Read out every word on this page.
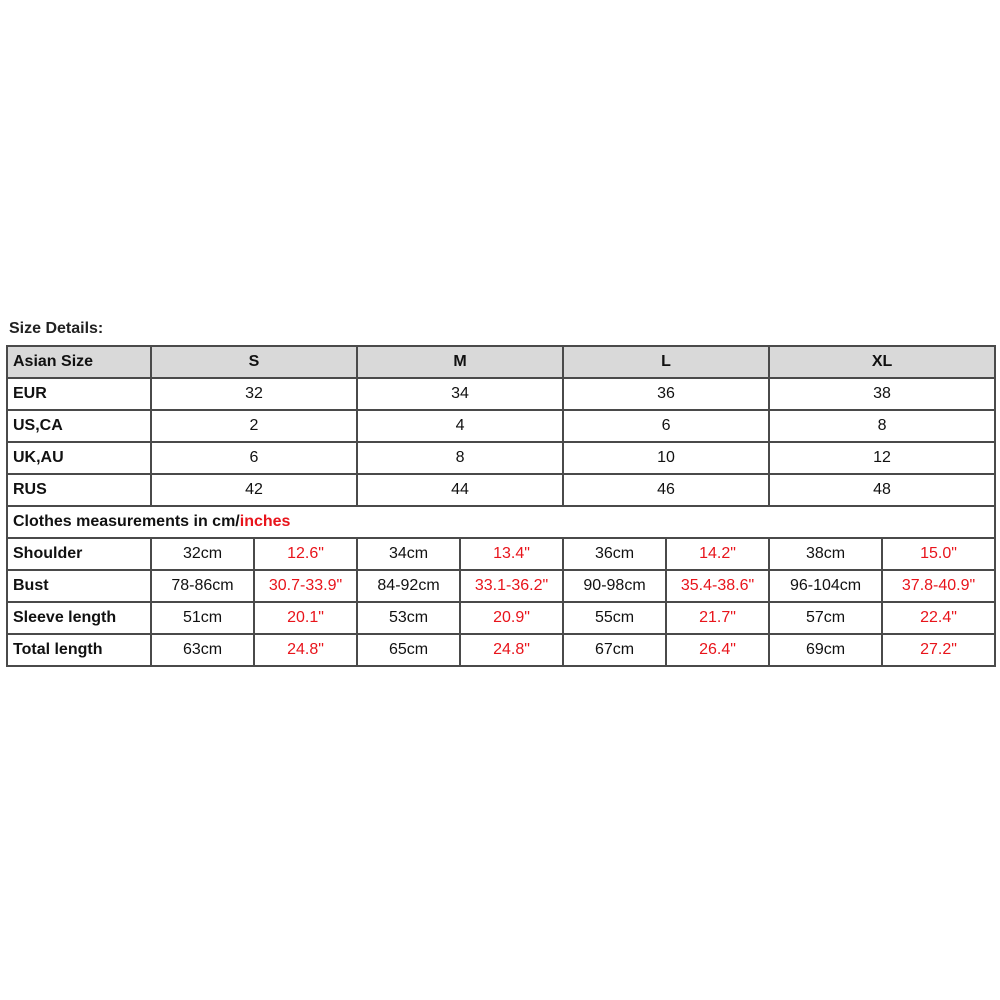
Size Details:
Asian Size	S		M		L		XL	
EUR	32		34		36		38	
US,CA	2		4		6		8	
UK,AU	6		8		10		12	
RUS	42		44		46		48	
Clothes measurements in cm/inches								
Shoulder	32cm	12.6"	34cm	13.4"	36cm	14.2"	38cm	15.0"
Bust	78-86cm	30.7-33.9"	84-92cm	33.1-36.2"	90-98cm	35.4-38.6"	96-104cm	37.8-40.9"
Sleeve length	51cm	20.1"	53cm	20.9"	55cm	21.7"	57cm	22.4"
Total length	63cm	24.8"	65cm	24.8"	67cm	26.4"	69cm	27.2"
